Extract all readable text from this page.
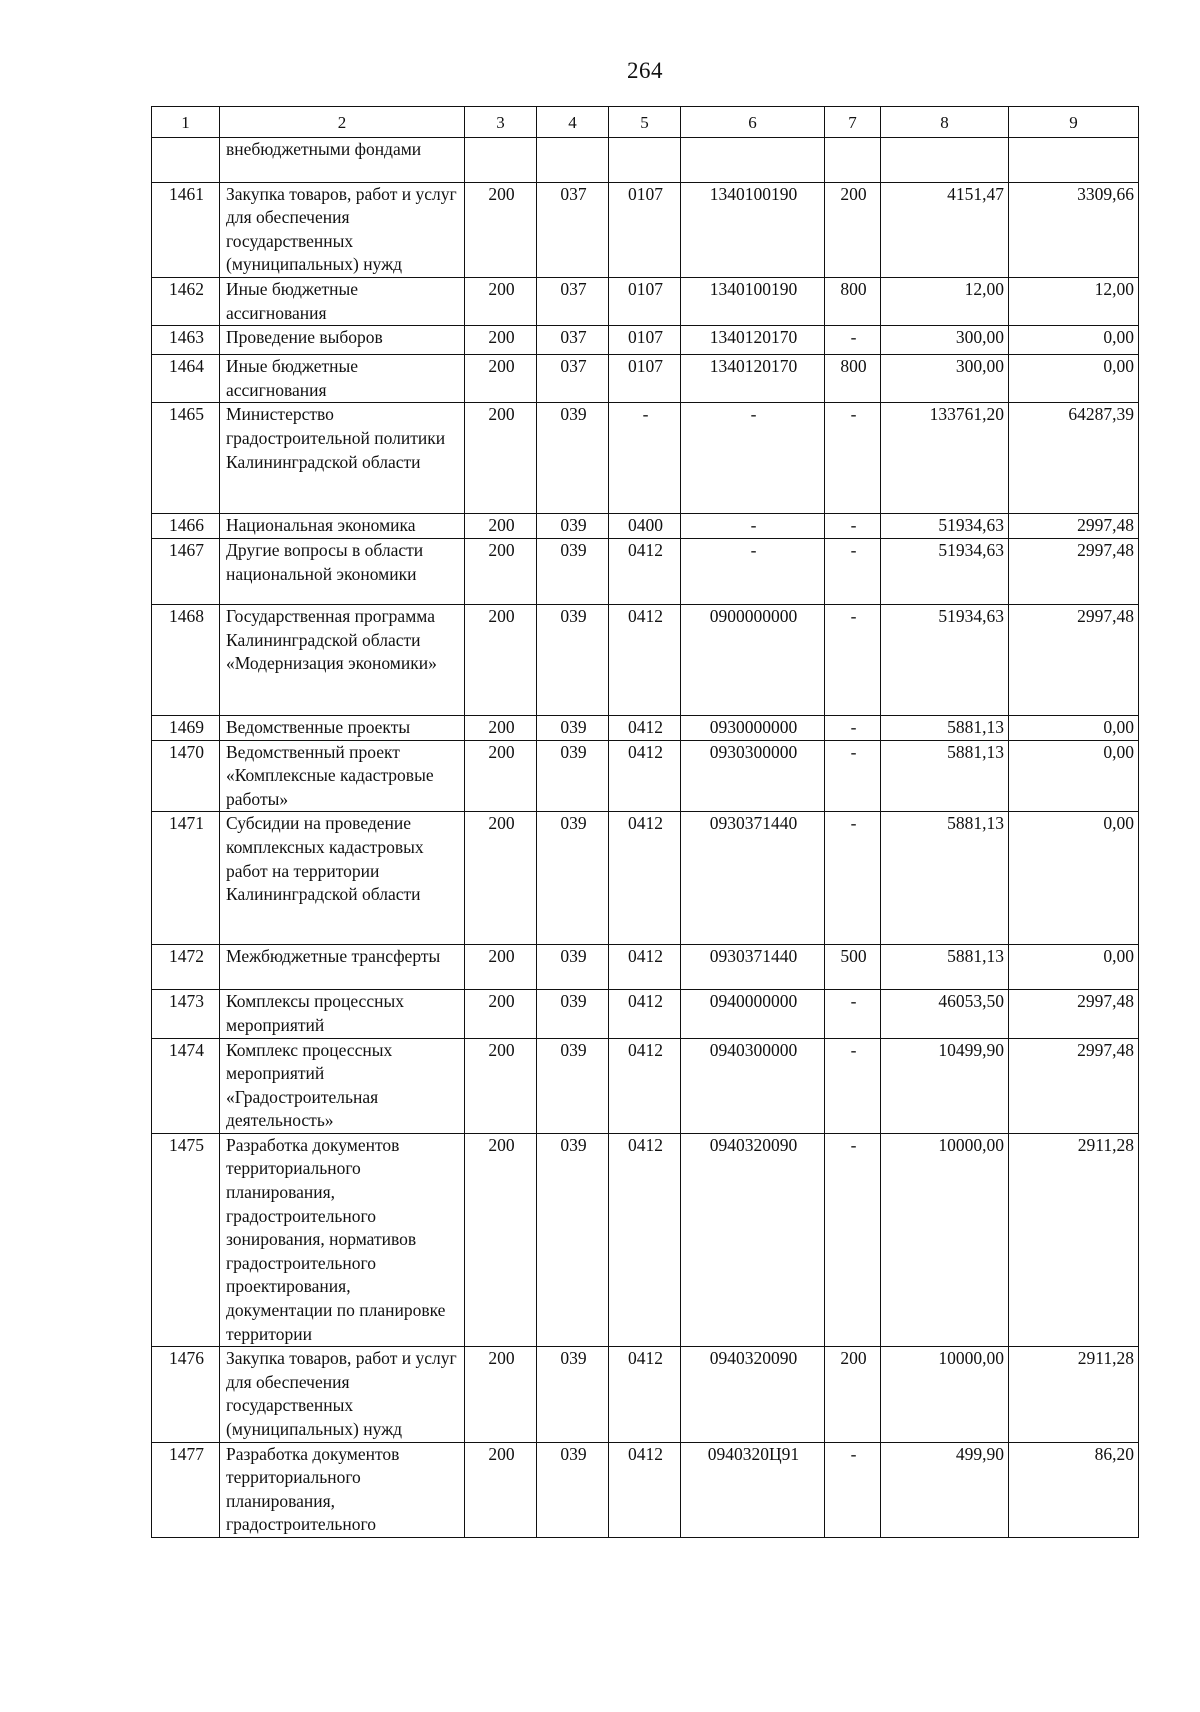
264
1	2	3	4	5	6	7	8	9
	внебюджетными фондами							
1461	Закупка товаров, работ и услуг для обеспечения государственных (муниципальных) нужд	200	037	0107	1340100190	200	4151,47	3309,66
1462	Иные бюджетные ассигнования	200	037	0107	1340100190	800	12,00	12,00
1463	Проведение выборов	200	037	0107	1340120170	-	300,00	0,00
1464	Иные бюджетные ассигнования	200	037	0107	1340120170	800	300,00	0,00
1465	Министерство градостроительной политики Калининградской области	200	039	-	-	-	133761,20	64287,39
1466	Национальная экономика	200	039	0400	-	-	51934,63	2997,48
1467	Другие вопросы в области национальной экономики	200	039	0412	-	-	51934,63	2997,48
1468	Государственная программа Калининградской области «Модернизация экономики»	200	039	0412	0900000000	-	51934,63	2997,48
1469	Ведомственные проекты	200	039	0412	0930000000	-	5881,13	0,00
1470	Ведомственный проект «Комплексные кадастровые работы»	200	039	0412	0930300000	-	5881,13	0,00
1471	Субсидии на проведение комплексных кадастровых работ на территории Калининградской области	200	039	0412	0930371440	-	5881,13	0,00
1472	Межбюджетные трансферты	200	039	0412	0930371440	500	5881,13	0,00
1473	Комплексы процессных мероприятий	200	039	0412	0940000000	-	46053,50	2997,48
1474	Комплекс процессных мероприятий «Градостроительная деятельность»	200	039	0412	0940300000	-	10499,90	2997,48
1475	Разработка документов территориального планирования, градостроительного зонирования, нормативов градостроительного проектирования, документации по планировке территории	200	039	0412	0940320090	-	10000,00	2911,28
1476	Закупка товаров, работ и услуг для обеспечения государственных (муниципальных) нужд	200	039	0412	0940320090	200	10000,00	2911,28
1477	Разработка документов территориального планирования, градостроительного	200	039	0412	0940320Ц91	-	499,90	86,20
